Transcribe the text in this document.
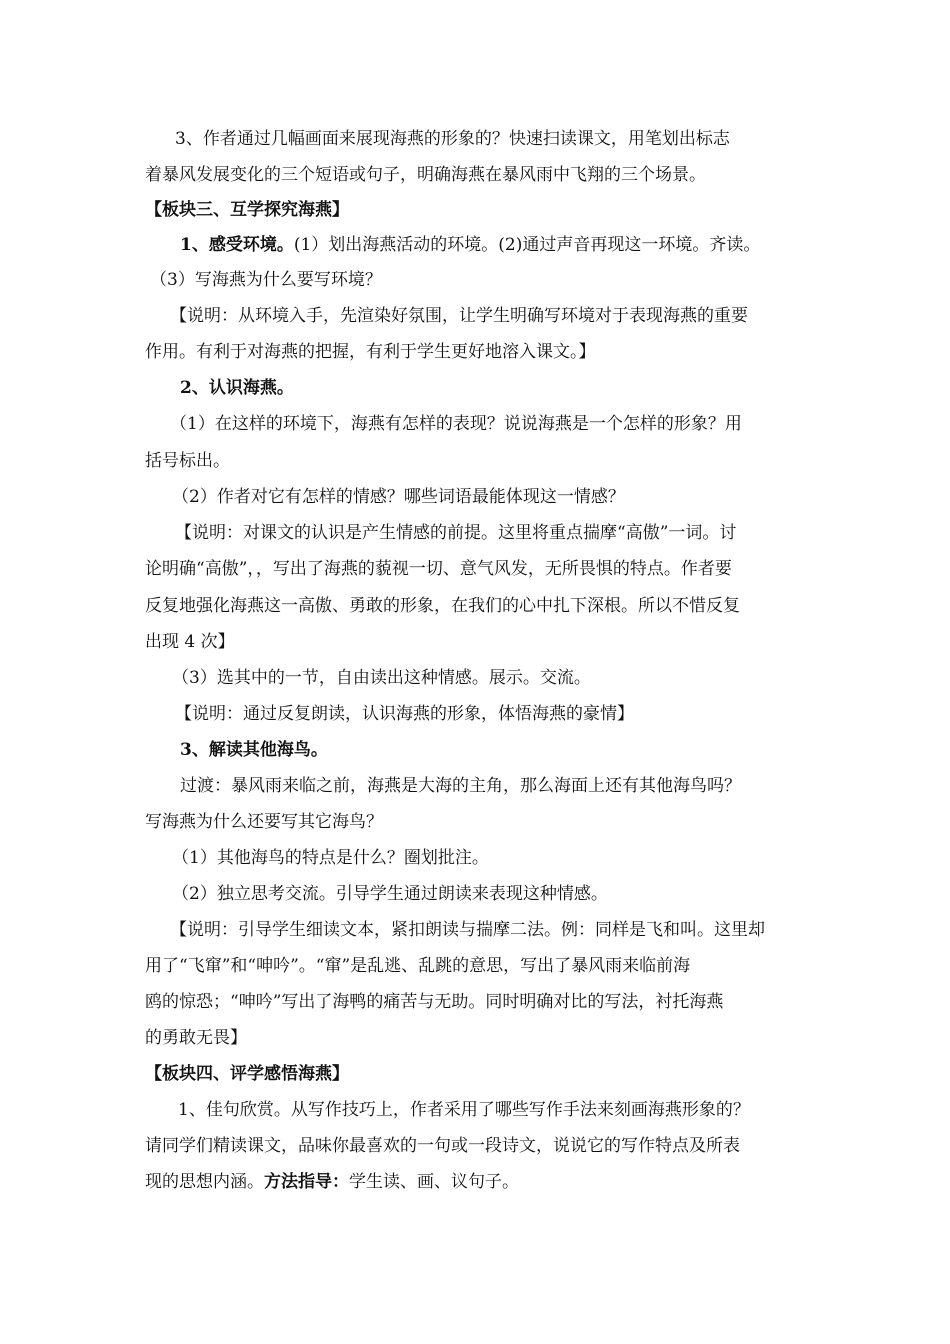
3、作者通过几幅画面来展现海燕的形象的？快速扫读课文，用笔划出标志
着暴风发展变化的三个短语或句子，明确海燕在暴风雨中飞翔的三个场景。
【板块三、互学探究海燕】
1、感受环境。(1）划出海燕活动的环境。(2)通过声音再现这一环境。齐读。
（3）写海燕为什么要写环境？
【说明：从环境入手，先渲染好氛围，让学生明确写环境对于表现海燕的重要
作用。有利于对海燕的把握，有利于学生更好地溶入课文。】
2、认识海燕。
（1）在这样的环境下，海燕有怎样的表现？说说海燕是一个怎样的形象？用
括号标出。
（2）作者对它有怎样的情感？哪些词语最能体现这一情感？
【说明：对课文的认识是产生情感的前提。这里将重点揣摩“高傲”一词。讨
论明确“高傲”，，写出了海燕的藐视一切、意气风发，无所畏惧的特点。作者要
反复地强化海燕这一高傲、勇敢的形象，在我们的心中扎下深根。所以不惜反复
出现 4 次】
（3）选其中的一节，自由读出这种情感。展示。交流。
【说明：通过反复朗读，认识海燕的形象，体悟海燕的豪情】
3、解读其他海鸟。
过渡：暴风雨来临之前，海燕是大海的主角，那么海面上还有其他海鸟吗？
写海燕为什么还要写其它海鸟？
（1）其他海鸟的特点是什么？圈划批注。
（2）独立思考交流。引导学生通过朗读来表现这种情感。
【说明：引导学生细读文本，紧扣朗读与揣摩二法。例：同样是飞和叫。这里却
用了“飞窜”和“呻吟”。“窜”是乱逃、乱跳的意思，写出了暴风雨来临前海
鸥的惊恐；“呻吟”写出了海鸭的痛苦与无助。同时明确对比的写法，衬托海燕
的勇敢无畏】
【板块四、评学感悟海燕】
1、佳句欣赏。从写作技巧上，作者采用了哪些写作手法来刻画海燕形象的？
请同学们精读课文，品味你最喜欢的一句或一段诗文，说说它的写作特点及所表
现的思想内涵。方法指导：学生读、画、议句子。
